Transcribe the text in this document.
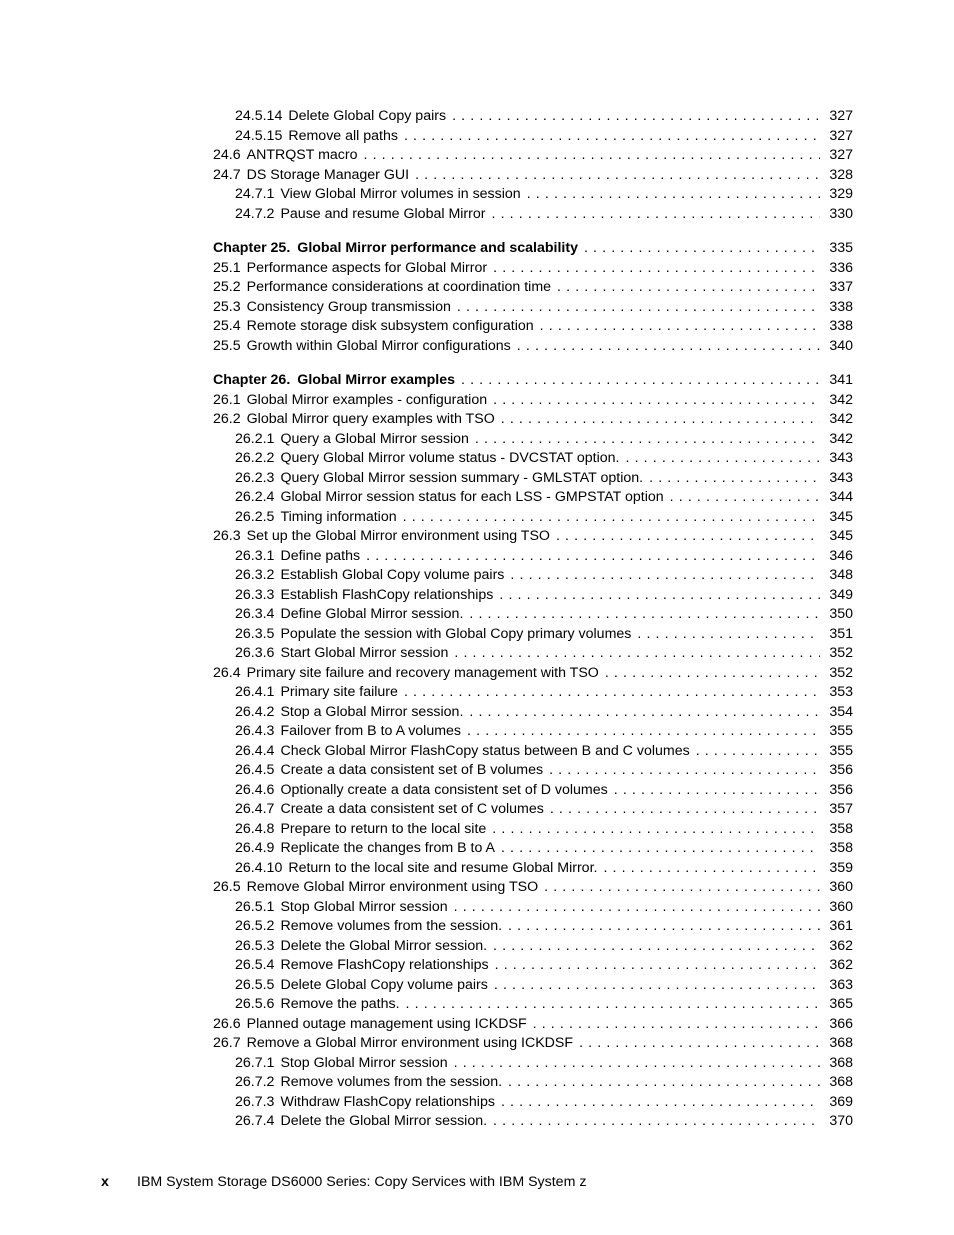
24.5.14 Delete Global Copy pairs . . .	327
24.5.15 Remove all paths . . .	327
24.6 ANTRQST macro . . .	327
24.7 DS Storage Manager GUI . . .	328
24.7.1 View Global Mirror volumes in session . . .	329
24.7.2 Pause and resume Global Mirror . . .	330
Chapter 25. Global Mirror performance and scalability . . .	335
25.1 Performance aspects for Global Mirror . . .	336
25.2 Performance considerations at coordination time . . .	337
25.3 Consistency Group transmission . . .	338
25.4 Remote storage disk subsystem configuration . . .	338
25.5 Growth within Global Mirror configurations . . .	340
Chapter 26. Global Mirror examples . . .	341
26.1 Global Mirror examples - configuration . . .	342
26.2 Global Mirror query examples with TSO . . .	342
26.2.1 Query a Global Mirror session . . .	342
26.2.2 Query Global Mirror volume status - DVCSTAT option. . . .	343
26.2.3 Query Global Mirror session summary - GMLSTAT option. . . .	343
26.2.4 Global Mirror session status for each LSS - GMPSTAT option . . .	344
26.2.5 Timing information . . .	345
26.3 Set up the Global Mirror environment using TSO . . .	345
26.3.1 Define paths . . .	346
26.3.2 Establish Global Copy volume pairs . . .	348
26.3.3 Establish FlashCopy relationships . . .	349
26.3.4 Define Global Mirror session. . . .	350
26.3.5 Populate the session with Global Copy primary volumes . . .	351
26.3.6 Start Global Mirror session . . .	352
26.4 Primary site failure and recovery management with TSO . . .	352
26.4.1 Primary site failure . . .	353
26.4.2 Stop a Global Mirror session. . . .	354
26.4.3 Failover from B to A volumes . . .	355
26.4.4 Check Global Mirror FlashCopy status between B and C volumes . . .	355
26.4.5 Create a data consistent set of B volumes . . .	356
26.4.6 Optionally create a data consistent set of D volumes . . .	356
26.4.7 Create a data consistent set of C volumes . . .	357
26.4.8 Prepare to return to the local site . . .	358
26.4.9 Replicate the changes from B to A . . .	358
26.4.10 Return to the local site and resume Global Mirror. . . .	359
26.5 Remove Global Mirror environment using TSO . . .	360
26.5.1 Stop Global Mirror session . . .	360
26.5.2 Remove volumes from the session. . . .	361
26.5.3 Delete the Global Mirror session. . . .	362
26.5.4 Remove FlashCopy relationships . . .	362
26.5.5 Delete Global Copy volume pairs . . .	363
26.5.6 Remove the paths. . . .	365
26.6 Planned outage management using ICKDSF . . .	366
26.7 Remove a Global Mirror environment using ICKDSF . . .	368
26.7.1 Stop Global Mirror session . . .	368
26.7.2 Remove volumes from the session. . . .	368
26.7.3 Withdraw FlashCopy relationships . . .	369
26.7.4 Delete the Global Mirror session. . . .	370
x	IBM System Storage DS6000 Series: Copy Services with IBM System z
